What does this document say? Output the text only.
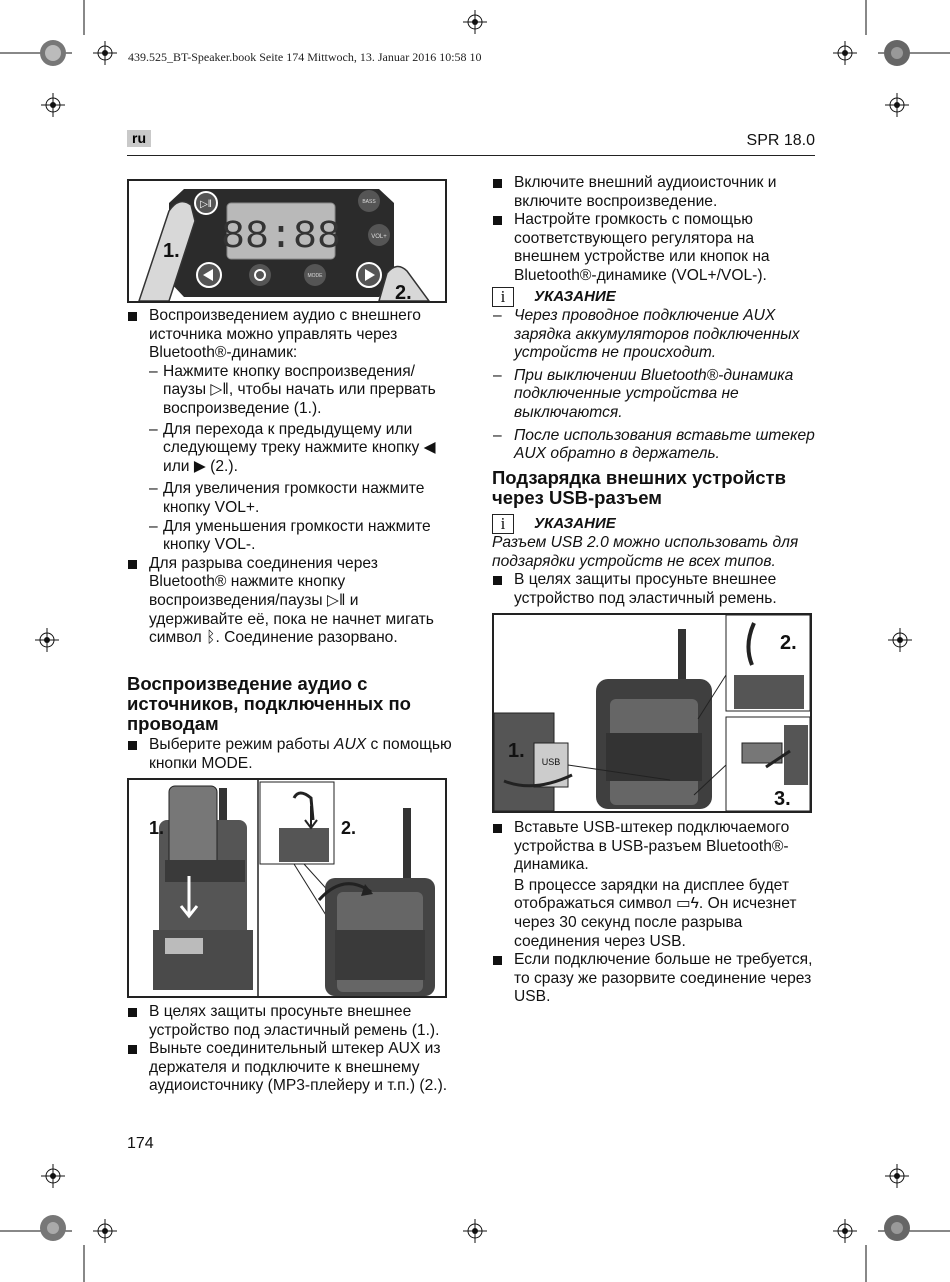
439.525_BT-Speaker.book Seite 174 Mittwoch, 13. Januar 2016 10:58 10
ru	SPR 18.0
88:88
BASS
VOL+
MODE
▷ǁ
1.
2.

Воспроизведением аудио с внешнего источника можно управлять через Bluetooth®-динамик:

– Нажмите кнопку воспроизведения/ паузы ▷ǁ, чтобы начать или прервать воспроизведение (1.).

– Для перехода к предыдущему или следующему треку нажмите кнопку ◀ или ▶ (2.).

– Для увеличения громкости нажмите кнопку VOL+.

– Для уменьшения громкости нажмите кнопку VOL-.

Для разрыва соединения через Bluetooth® нажмите кнопку воспроизведения/паузы ▷ǁ и удерживайте её, пока не начнет мигать символ ᛒ. Соединение разорвано.

Воспроизведение аудио с источников, подключенных по проводам

Выберите режим работы AUX с помощью кнопки MODE.

1.	2.

В целях защиты просуньте внешнее устройство под эластичный ремень (1.).

Выньте соединительный штекер AUX из держателя и подключите к внешнему аудиоисточнику (MP3-плейеру и т.п.) (2.).

Включите внешний аудиоисточник и включите воспроизведение.

Настройте громкость с помощью соответствующего регулятора на внешнем устройстве или кнопок на Bluetooth®-динамике (VOL+/VOL-).

i	УКАЗАНИЕ

– Через проводное подключение AUX зарядка аккумуляторов подключенных устройств не происходит.

– При выключении Bluetooth®-динамика подключенные устройства не выключаются.

– После использования вставьте штекер AUX обратно в держатель.

Подзарядка внешних устройств через USB-разъем
i	УКАЗАНИЕ

Разъем USB 2.0 можно использовать для подзарядки устройств не всех типов.

В целях защиты просуньте внешнее устройство под эластичный ремень.

USB
1.
2.
3.

Вставьте USB-штекер подключаемого устройства в USB-разъем Bluetooth®-динамика.

В процессе зарядки на дисплее будет отображаться символ ▭ϟ. Он исчезнет через 30 секунд после разрыва соединения через USB.

Если подключение больше не требуется, то сразу же разорвите соединение через USB.

174
